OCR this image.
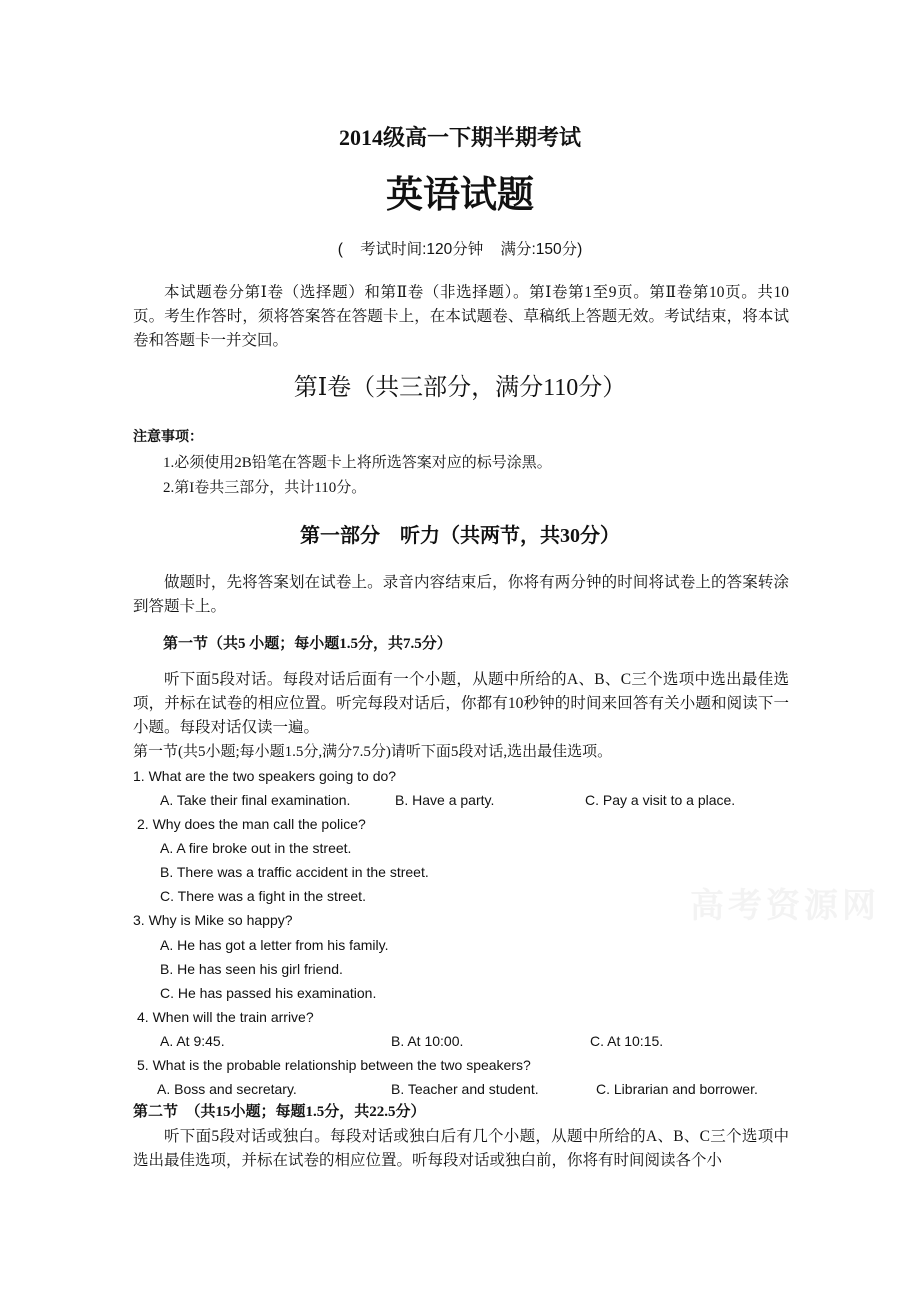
高考资源网
2014级高一下期半期考试
英语试题
(    考试时间:120分钟    满分:150分)
本试题卷分第Ⅰ卷（选择题）和第Ⅱ卷（非选择题）。第Ⅰ卷第1至9页。第Ⅱ卷第10页。共10页。考生作答时，须将答案答在答题卡上，在本试题卷、草稿纸上答题无效。考试结束，将本试卷和答题卡一并交回。
第Ⅰ卷（共三部分，满分110分）
注意事项：
1.必须使用2B铅笔在答题卡上将所选答案对应的标号涂黑。
2.第I卷共三部分，共计110分。
第一部分    听力（共两节，共30分）
做题时，先将答案划在试卷上。录音内容结束后，你将有两分钟的时间将试卷上的答案转涂到答题卡上。
第一节（共5 小题；每小题1.5分，共7.5分）
听下面5段对话。每段对话后面有一个小题，从题中所给的A、B、C三个选项中选出最佳选项，并标在试卷的相应位置。听完每段对话后，你都有10秒钟的时间来回答有关小题和阅读下一小题。每段对话仅读一遍。
第一节(共5小题;每小题1.5分,满分7.5分)请听下面5段对话,选出最佳选项。
1. What are the two speakers going to do?
A. Take their final examination.	B. Have a party.	C. Pay a visit to a place.
2. Why does the man call the police?
A. A fire broke out in the street.
B. There was a traffic accident in the street.
C. There was a fight in the street.
3. Why is Mike so happy?
A. He has got a letter from his family.
B. He has seen his girl friend.
C. He has passed his examination.
4. When will the train arrive?
A. At 9:45.	B. At 10:00.	C. At 10:15.
5. What is the probable relationship between the two speakers?
A. Boss and secretary.	B. Teacher and student.	C. Librarian and borrower.
第二节  （共15小题；每题1.5分，共22.5分）
听下面5段对话或独白。每段对话或独白后有几个小题，从题中所给的A、B、C三个选项中选出最佳选项，并标在试卷的相应位置。听每段对话或独白前，你将有时间阅读各个小
